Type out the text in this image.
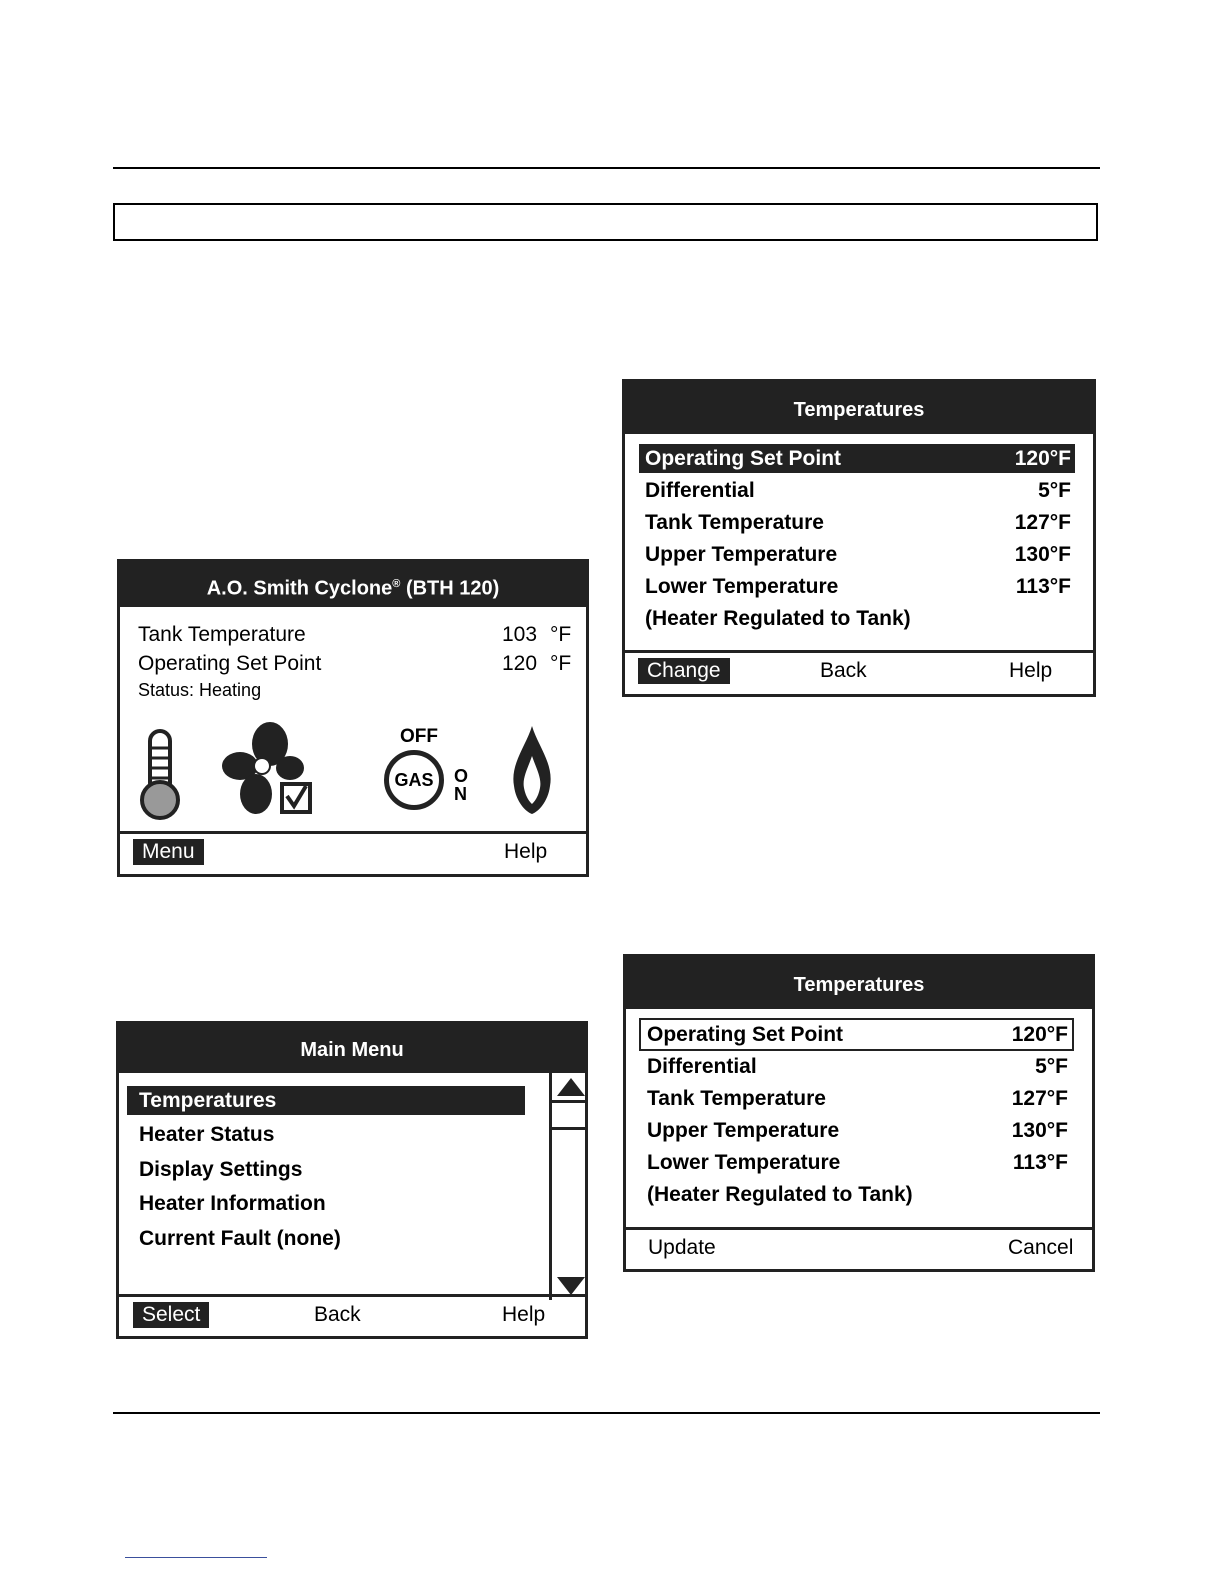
A.O. Smith Cyclone® (BTH 120)
Tank Temperature	103 °F
Operating Set Point	120 °F
Status: Heating
OFF
GAS	O
N
Menu	Help
Main Menu
Temperatures
Heater Status
Display Settings
Heater Information
Current Fault (none)
Select	Back	Help
Temperatures
Operating Set Point	120°F
Differential	5°F
Tank Temperature	127°F
Upper Temperature	130°F
Lower Temperature	113°F
(Heater Regulated to Tank)
Change	Back	Help
Temperatures
Operating Set Point	120°F
Differential	5°F
Tank Temperature	127°F
Upper Temperature	130°F
Lower Temperature	113°F
(Heater Regulated to Tank)
Update	Cancel
